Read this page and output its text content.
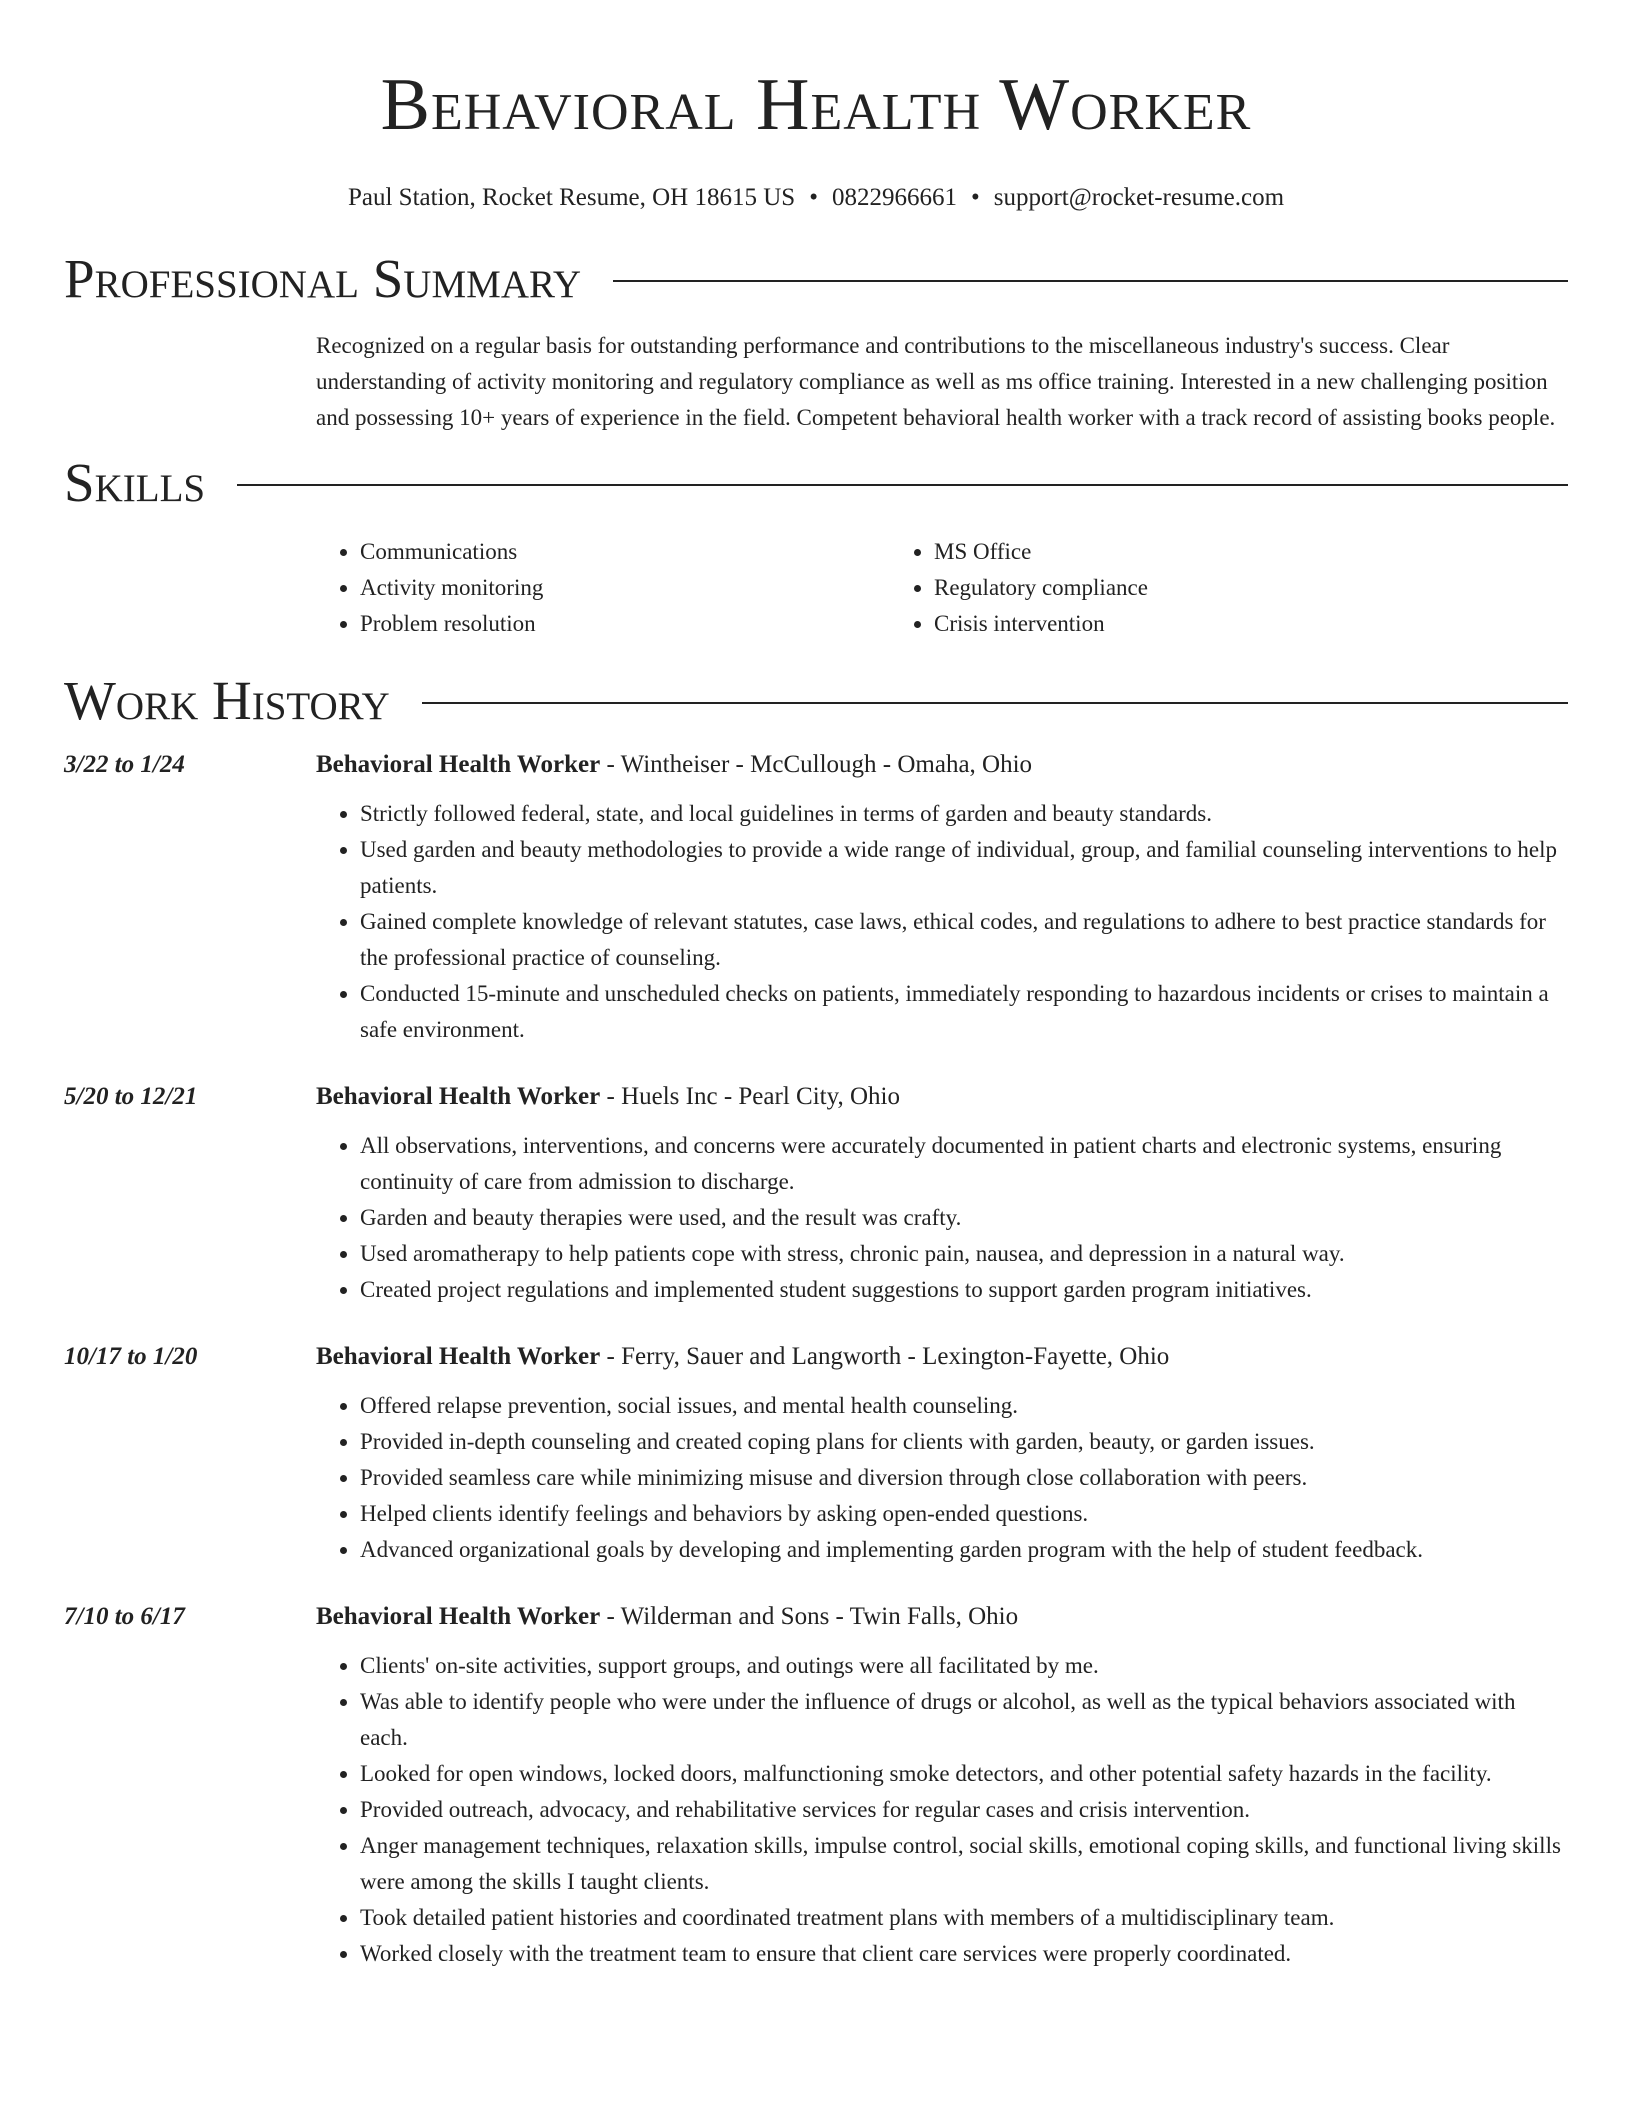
Behavioral Health Worker
Paul Station, Rocket Resume, OH 18615 US • 0822966661 • support@rocket-resume.com
Professional Summary

Recognized on a regular basis for outstanding performance and contributions to the miscellaneous industry's success. Clear understanding of activity monitoring and regulatory compliance as well as ms office training. Interested in a new challenging position and possessing 10+ years of experience in the field. Competent behavioral health worker with a track record of assisting books people.

Skills
• Communications
• Activity monitoring
• Problem resolution
• MS Office
• Regulatory compliance
• Crisis intervention
Work History
3/22 to 1/24	Behavioral Health Worker - Wintheiser - McCullough - Omaha, Ohio
• Strictly followed federal, state, and local guidelines in terms of garden and beauty standards.
• Used garden and beauty methodologies to provide a wide range of individual, group, and familial counseling interventions to help patients.
• Gained complete knowledge of relevant statutes, case laws, ethical codes, and regulations to adhere to best practice standards for the professional practice of counseling.
• Conducted 15-minute and unscheduled checks on patients, immediately responding to hazardous incidents or crises to maintain a safe environment.
5/20 to 12/21	Behavioral Health Worker - Huels Inc - Pearl City, Ohio
• All observations, interventions, and concerns were accurately documented in patient charts and electronic systems, ensuring continuity of care from admission to discharge.
• Garden and beauty therapies were used, and the result was crafty.
• Used aromatherapy to help patients cope with stress, chronic pain, nausea, and depression in a natural way.
• Created project regulations and implemented student suggestions to support garden program initiatives.
10/17 to 1/20	Behavioral Health Worker - Ferry, Sauer and Langworth - Lexington-Fayette, Ohio
• Offered relapse prevention, social issues, and mental health counseling.
• Provided in-depth counseling and created coping plans for clients with garden, beauty, or garden issues.
• Provided seamless care while minimizing misuse and diversion through close collaboration with peers.
• Helped clients identify feelings and behaviors by asking open-ended questions.
• Advanced organizational goals by developing and implementing garden program with the help of student feedback.
7/10 to 6/17	Behavioral Health Worker - Wilderman and Sons - Twin Falls, Ohio
• Clients' on-site activities, support groups, and outings were all facilitated by me.
• Was able to identify people who were under the influence of drugs or alcohol, as well as the typical behaviors associated with each.
• Looked for open windows, locked doors, malfunctioning smoke detectors, and other potential safety hazards in the facility.
• Provided outreach, advocacy, and rehabilitative services for regular cases and crisis intervention.
• Anger management techniques, relaxation skills, impulse control, social skills, emotional coping skills, and functional living skills were among the skills I taught clients.
• Took detailed patient histories and coordinated treatment plans with members of a multidisciplinary team.
• Worked closely with the treatment team to ensure that client care services were properly coordinated.
